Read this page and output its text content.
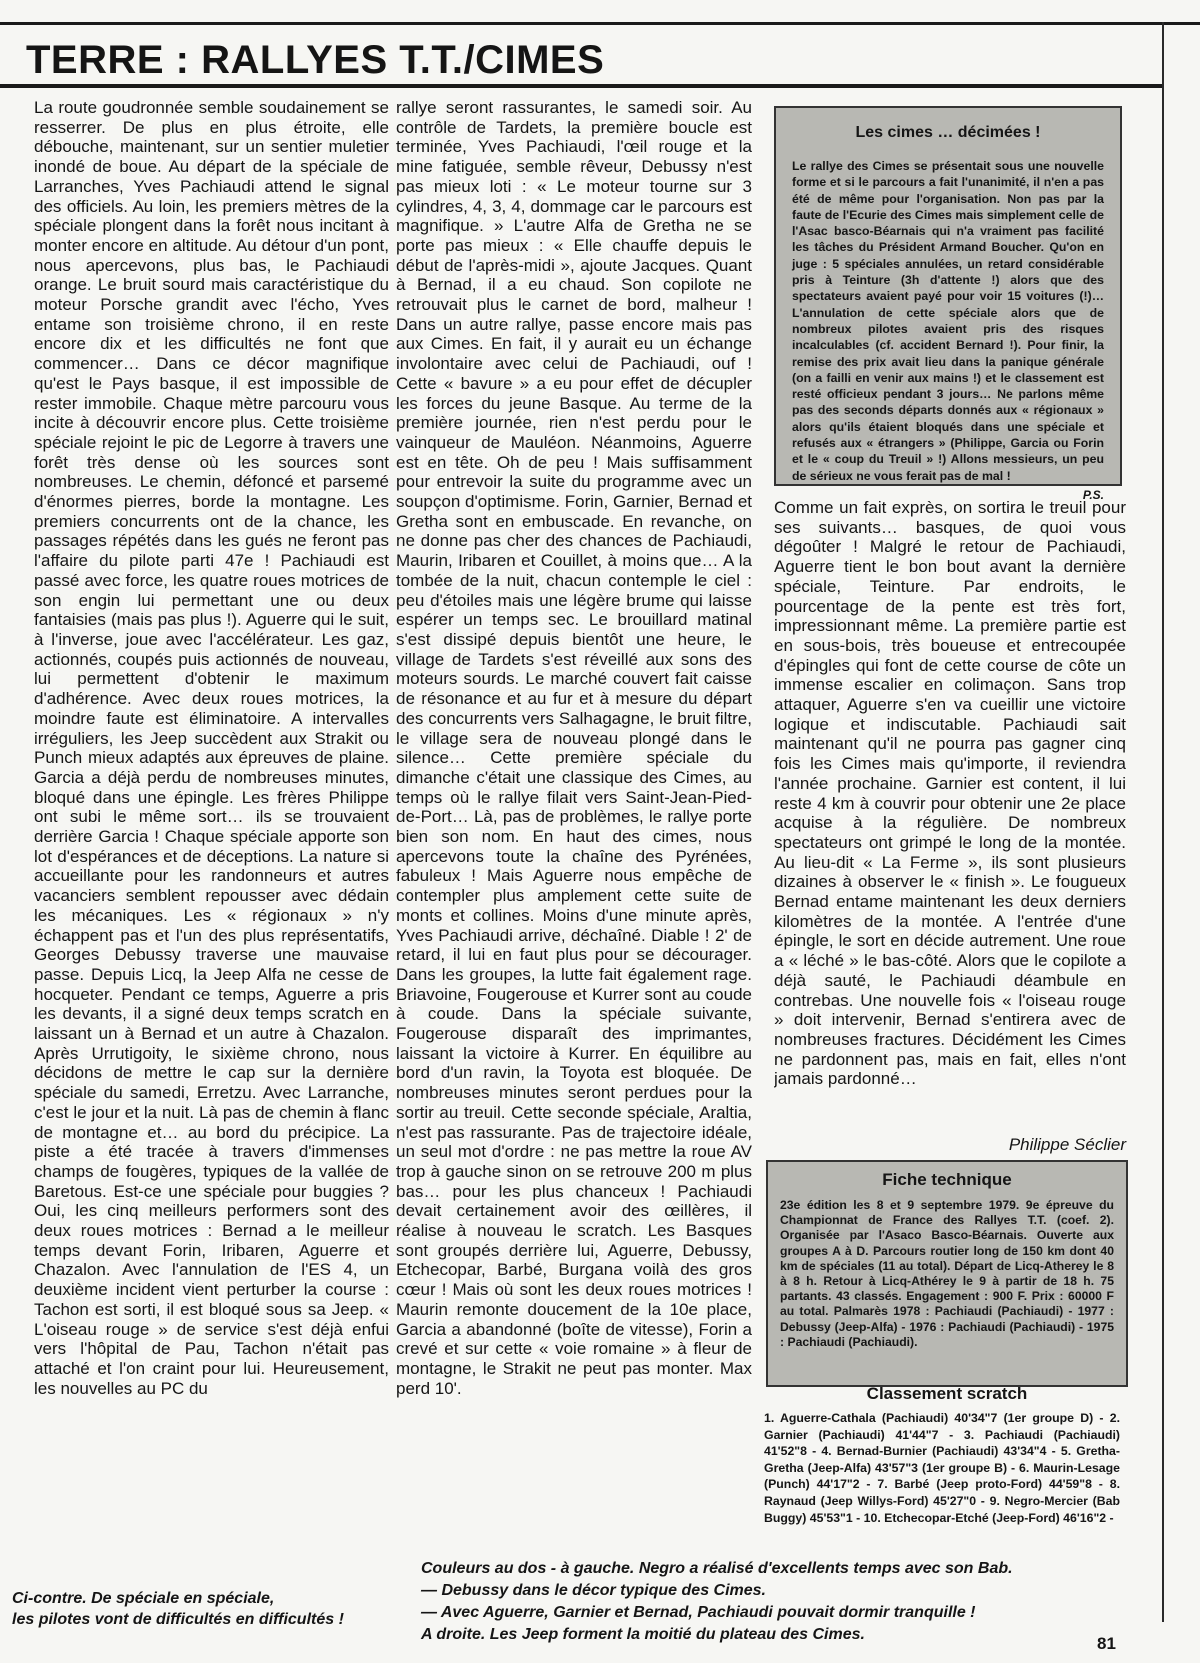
TERRE : RALLYES T.T./CIMES

La route goudronnée semble soudainement se resserrer. De plus en plus étroite, elle débouche, maintenant, sur un sentier muletier inondé de boue. Au départ de la spéciale de Larranches, Yves Pachiaudi attend le signal des officiels. Au loin, les premiers mètres de la spéciale plongent dans la forêt nous incitant à monter encore en altitude. Au détour d'un pont, nous apercevons, plus bas, le Pachiaudi orange. Le bruit sourd mais caractéristique du moteur Porsche grandit avec l'écho, Yves entame son troisième chrono, il en reste encore dix et les difficultés ne font que commencer… Dans ce décor magnifique qu'est le Pays basque, il est impossible de rester immobile. Chaque mètre parcouru vous incite à découvrir encore plus. Cette troisième spéciale rejoint le pic de Legorre à travers une forêt très dense où les sources sont nombreuses. Le chemin, défoncé et parsemé d'énormes pierres, borde la montagne. Les premiers concurrents ont de la chance, les passages répétés dans les gués ne feront pas l'affaire du pilote parti 47e ! Pachiaudi est passé avec force, les quatre roues motrices de son engin lui permettant une ou deux fantaisies (mais pas plus !). Aguerre qui le suit, à l'inverse, joue avec l'accélérateur. Les gaz, actionnés, coupés puis actionnés de nouveau, lui permettent d'obtenir le maximum d'adhérence. Avec deux roues motrices, la moindre faute est éliminatoire. A intervalles irréguliers, les Jeep succèdent aux Strakit ou Punch mieux adaptés aux épreuves de plaine. Garcia a déjà perdu de nombreuses minutes, bloqué dans une épingle. Les frères Philippe ont subi le même sort… ils se trouvaient derrière Garcia ! Chaque spéciale apporte son lot d'espérances et de déceptions. La nature si accueillante pour les randonneurs et autres vacanciers semblent repousser avec dédain les mécaniques. Les « régionaux » n'y échappent pas et l'un des plus représentatifs, Georges Debussy traverse une mauvaise passe. Depuis Licq, la Jeep Alfa ne cesse de hocqueter. Pendant ce temps, Aguerre a pris les devants, il a signé deux temps scratch en laissant un à Bernad et un autre à Chazalon. Après Urrutigoity, le sixième chrono, nous décidons de mettre le cap sur la dernière spéciale du samedi, Erretzu. Avec Larranche, c'est le jour et la nuit. Là pas de chemin à flanc de montagne et… au bord du précipice. La piste a été tracée à travers d'immenses champs de fougères, typiques de la vallée de Baretous. Est-ce une spéciale pour buggies ? Oui, les cinq meilleurs performers sont des deux roues motrices : Bernad a le meilleur temps devant Forin, Iribaren, Aguerre et Chazalon. Avec l'annulation de l'ES 4, un deuxième incident vient perturber la course : Tachon est sorti, il est bloqué sous sa Jeep. « L'oiseau rouge » de service s'est déjà enfui vers l'hôpital de Pau, Tachon n'était pas attaché et l'on craint pour lui. Heureusement, les nouvelles au PC du

rallye seront rassurantes, le samedi soir. Au contrôle de Tardets, la première boucle est terminée, Yves Pachiaudi, l'œil rouge et la mine fatiguée, semble rêveur, Debussy n'est pas mieux loti : « Le moteur tourne sur 3 cylindres, 4, 3, 4, dommage car le parcours est magnifique. » L'autre Alfa de Gretha ne se porte pas mieux : « Elle chauffe depuis le début de l'après-midi », ajoute Jacques. Quant à Bernad, il a eu chaud. Son copilote ne retrouvait plus le carnet de bord, malheur ! Dans un autre rallye, passe encore mais pas aux Cimes. En fait, il y aurait eu un échange involontaire avec celui de Pachiaudi, ouf ! Cette « bavure » a eu pour effet de décupler les forces du jeune Basque. Au terme de la première journée, rien n'est perdu pour le vainqueur de Mauléon. Néanmoins, Aguerre est en tête. Oh de peu ! Mais suffisamment pour entrevoir la suite du programme avec un soupçon d'optimisme. Forin, Garnier, Bernad et Gretha sont en embuscade. En revanche, on ne donne pas cher des chances de Pachiaudi, Maurin, Iribaren et Couillet, à moins que… A la tombée de la nuit, chacun contemple le ciel : peu d'étoiles mais une légère brume qui laisse espérer un temps sec. Le brouillard matinal s'est dissipé depuis bientôt une heure, le village de Tardets s'est réveillé aux sons des moteurs sourds. Le marché couvert fait caisse de résonance et au fur et à mesure du départ des concurrents vers Salhagagne, le bruit filtre, le village sera de nouveau plongé dans le silence… Cette première spéciale du dimanche c'était une classique des Cimes, au temps où le rallye filait vers Saint-Jean-Pied-de-Port… Là, pas de problèmes, le rallye porte bien son nom. En haut des cimes, nous apercevons toute la chaîne des Pyrénées, fabuleux ! Mais Aguerre nous empêche de contempler plus amplement cette suite de monts et collines. Moins d'une minute après, Yves Pachiaudi arrive, déchaîné. Diable ! 2' de retard, il lui en faut plus pour se décourager. Dans les groupes, la lutte fait également rage. Briavoine, Fougerouse et Kurrer sont au coude à coude. Dans la spéciale suivante, Fougerouse disparaît des imprimantes, laissant la victoire à Kurrer. En équilibre au bord d'un ravin, la Toyota est bloquée. De nombreuses minutes seront perdues pour la sortir au treuil. Cette seconde spéciale, Araltia, n'est pas rassurante. Pas de trajectoire idéale, un seul mot d'ordre : ne pas mettre la roue AV trop à gauche sinon on se retrouve 200 m plus bas… pour les plus chanceux ! Pachiaudi devait certainement avoir des œillères, il réalise à nouveau le scratch. Les Basques sont groupés derrière lui, Aguerre, Debussy, Etchecopar, Barbé, Burgana voilà des gros cœur ! Mais où sont les deux roues motrices ! Maurin remonte doucement de la 10e place, Garcia a abandonné (boîte de vitesse), Forin a crevé et sur cette « voie romaine » à fleur de montagne, le Strakit ne peut pas monter. Max perd 10'.

Les cimes … décimées !
Le rallye des Cimes se présentait sous une nouvelle forme et si le parcours a fait l'unanimité, il n'en a pas été de même pour l'organisation. Non pas par la faute de l'Ecurie des Cimes mais simplement celle de l'Asac basco-Béarnais qui n'a vraiment pas facilité les tâches du Président Armand Boucher. Qu'on en juge : 5 spéciales annulées, un retard considérable pris à Teinture (3h d'attente !) alors que des spectateurs avaient payé pour voir 15 voitures (!)… L'annulation de cette spéciale alors que de nombreux pilotes avaient pris des risques incalculables (cf. accident Bernard !). Pour finir, la remise des prix avait lieu dans la panique générale (on a failli en venir aux mains !) et le classement est resté officieux pendant 3 jours… Ne parlons même pas des seconds départs donnés aux « régionaux » alors qu'ils étaient bloqués dans une spéciale et refusés aux « étrangers » (Philippe, Garcia ou Forin et le « coup du Treuil » !) Allons messieurs, un peu de sérieux ne vous ferait pas de mal !
P.S.

Comme un fait exprès, on sortira le treuil pour ses suivants… basques, de quoi vous dégoûter ! Malgré le retour de Pachiaudi, Aguerre tient le bon bout avant la dernière spéciale, Teinture. Par endroits, le pourcentage de la pente est très fort, impressionnant même. La première partie est en sous-bois, très boueuse et entrecoupée d'épingles qui font de cette course de côte un immense escalier en colimaçon. Sans trop attaquer, Aguerre s'en va cueillir une victoire logique et indiscutable. Pachiaudi sait maintenant qu'il ne pourra pas gagner cinq fois les Cimes mais qu'importe, il reviendra l'année prochaine. Garnier est content, il lui reste 4 km à couvrir pour obtenir une 2e place acquise à la régulière. De nombreux spectateurs ont grimpé le long de la montée. Au lieu-dit « La Ferme », ils sont plusieurs dizaines à observer le « finish ». Le fougueux Bernad entame maintenant les deux derniers kilomètres de la montée. A l'entrée d'une épingle, le sort en décide autrement. Une roue a « léché » le bas-côté. Alors que le copilote a déjà sauté, le Pachiaudi déambule en contrebas. Une nouvelle fois « l'oiseau rouge » doit intervenir, Bernad s'entirera avec de nombreuses fractures. Décidément les Cimes ne pardonnent pas, mais en fait, elles n'ont jamais pardonné…

Philippe Séclier
Fiche technique
23e édition les 8 et 9 septembre 1979. 9e épreuve du Championnat de France des Rallyes T.T. (coef. 2). Organisée par l'Asaco Basco-Béarnais. Ouverte aux groupes A à D. Parcours routier long de 150 km dont 40 km de spéciales (11 au total). Départ de Licq-Atherey le 8 à 8 h. Retour à Licq-Athérey le 9 à partir de 18 h. 75 partants. 43 classés. Engagement : 900 F. Prix : 60000 F au total. Palmarès 1978 : Pachiaudi (Pachiaudi) - 1977 : Debussy (Jeep-Alfa) - 1976 : Pachiaudi (Pachiaudi) - 1975 : Pachiaudi (Pachiaudi).
Classement scratch
1. Aguerre-Cathala (Pachiaudi) 40'34"7 (1er groupe D) - 2. Garnier (Pachiaudi) 41'44"7 - 3. Pachiaudi (Pachiaudi) 41'52"8 - 4. Bernad-Burnier (Pachiaudi) 43'34"4 - 5. Gretha-Gretha (Jeep-Alfa) 43'57"3 (1er groupe B) - 6. Maurin-Lesage (Punch) 44'17"2 - 7. Barbé (Jeep proto-Ford) 44'59"8 - 8. Raynaud (Jeep Willys-Ford) 45'27"0 - 9. Negro-Mercier (Bab Buggy) 45'53"1 - 10. Etchecopar-Etché (Jeep-Ford) 46'16"2 -
Ci-contre. De spéciale en spéciale,
les pilotes vont de difficultés en difficultés !
Couleurs au dos - à gauche. Negro a réalisé d'excellents temps avec son Bab.
— Debussy dans le décor typique des Cimes.
— Avec Aguerre, Garnier et Bernad, Pachiaudi pouvait dormir tranquille !
A droite. Les Jeep forment la moitié du plateau des Cimes.	81
